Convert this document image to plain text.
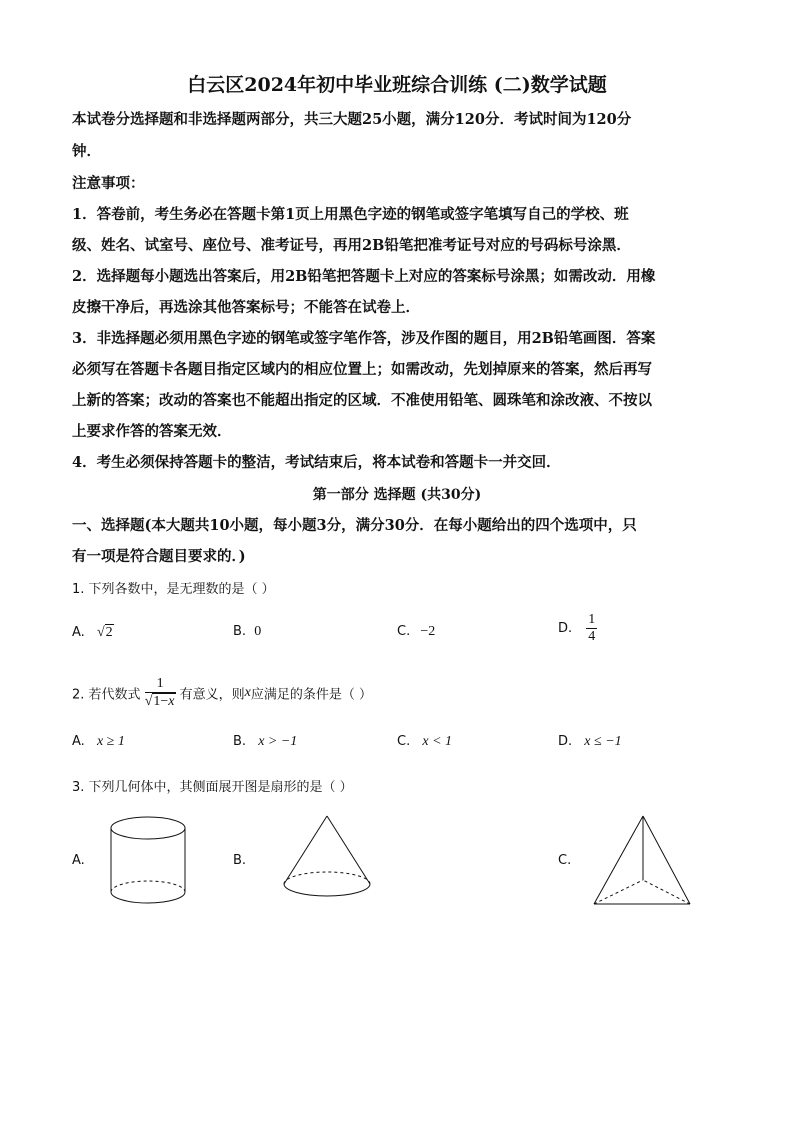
白云区2024年初中毕业班综合训练 (二)数学试题
本试卷分选择题和非选择题两部分，共三大题25小题，满分120分．考试时间为120分
钟．
注意事项：
1．答卷前，考生务必在答题卡第1页上用黑色字迹的钢笔或签字笔填写自己的学校、班
级、姓名、试室号、座位号、准考证号，再用2B铅笔把准考证号对应的号码标号涂黑．
2．选择题每小题选出答案后，用2B铅笔把答题卡上对应的答案标号涂黑；如需改动．用橡
皮擦干净后，再选涂其他答案标号；不能答在试卷上．
3．非选择题必须用黑色字迹的钢笔或签字笔作答，涉及作图的题目，用2B铅笔画图．答案
必须写在答题卡各题目指定区域内的相应位置上；如需改动，先划掉原来的答案，然后再写
上新的答案；改动的答案也不能超出指定的区域．不准使用铅笔、圆珠笔和涂改液、不按以
上要求作答的答案无效．
4．考生必须保持答题卡的整洁，考试结束后，将本试卷和答题卡一并交回．
第一部分 选择题 (共30分)
一、选择题(本大题共10小题，每小题3分，满分30分．在每小题给出的四个选项中，只
有一项是符合题目要求的．)
1. 下列各数中，是无理数的是（ ）
A. √2	B. 0	C. −2	D. $\frac{1}{4}$
2. 若代数式 $\frac{1}{√1-x}$ 有意义，则x应满足的条件是（ ）
A. x ≥ 1	B. x > −1	C. x < 1	D. x ≤ −1
3. 下列几何体中，其侧面展开图是扇形的是（ ）
A.	B.	C.
